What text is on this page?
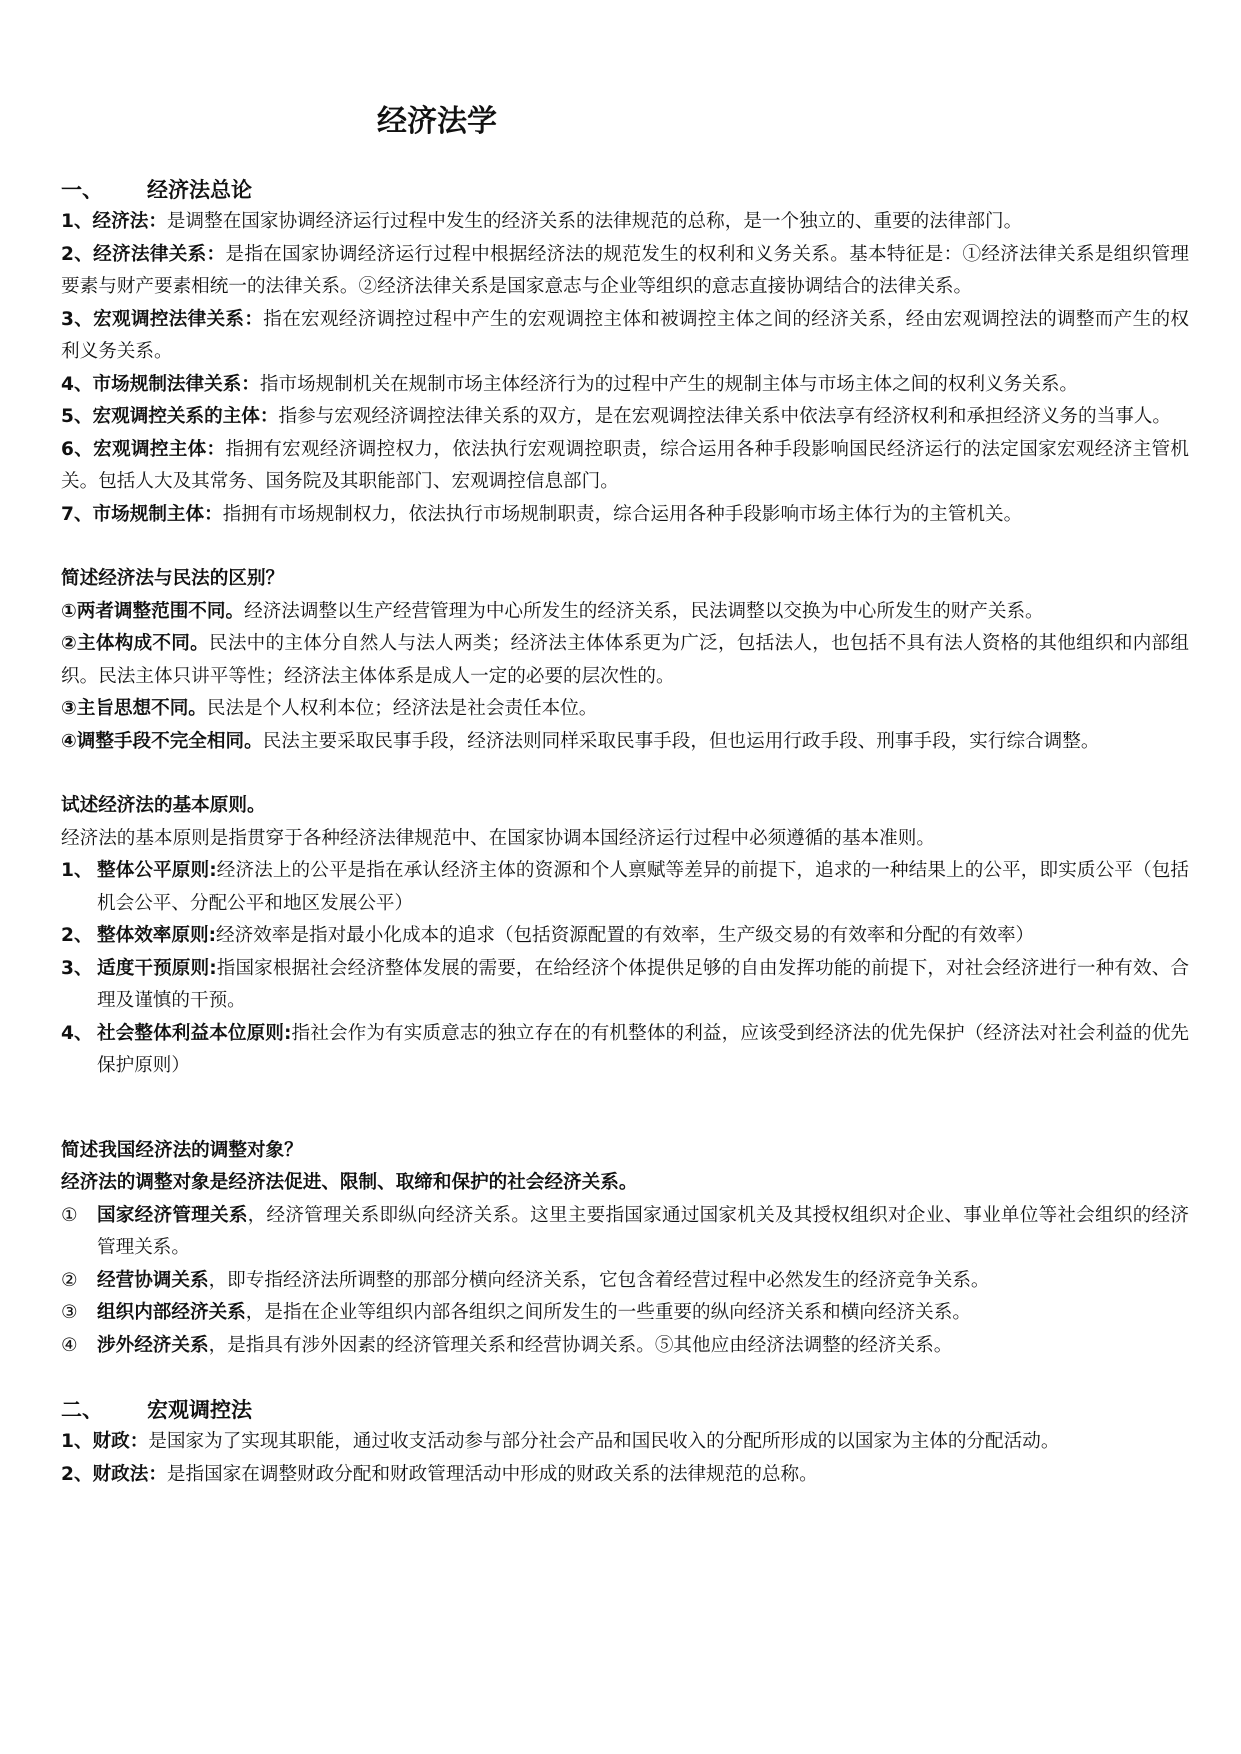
经济法学
一、 经济法总论

1、经济法：是调整在国家协调经济运行过程中发生的经济关系的法律规范的总称，是一个独立的、重要的法律部门。

2、经济法律关系：是指在国家协调经济运行过程中根据经济法的规范发生的权利和义务关系。基本特征是：①经济法律关系是组织管理要素与财产要素相统一的法律关系。②经济法律关系是国家意志与企业等组织的意志直接协调结合的法律关系。

3、宏观调控法律关系：指在宏观经济调控过程中产生的宏观调控主体和被调控主体之间的经济关系，经由宏观调控法的调整而产生的权利义务关系。

4、市场规制法律关系：指市场规制机关在规制市场主体经济行为的过程中产生的规制主体与市场主体之间的权利义务关系。

5、宏观调控关系的主体：指参与宏观经济调控法律关系的双方，是在宏观调控法律关系中依法享有经济权利和承担经济义务的当事人。

6、宏观调控主体：指拥有宏观经济调控权力，依法执行宏观调控职责，综合运用各种手段影响国民经济运行的法定国家宏观经济主管机关。包括人大及其常务、国务院及其职能部门、宏观调控信息部门。

7、市场规制主体：指拥有市场规制权力，依法执行市场规制职责，综合运用各种手段影响市场主体行为的主管机关。

简述经济法与民法的区别？

①两者调整范围不同。经济法调整以生产经营管理为中心所发生的经济关系，民法调整以交换为中心所发生的财产关系。

②主体构成不同。民法中的主体分自然人与法人两类；经济法主体体系更为广泛，包括法人，也包括不具有法人资格的其他组织和内部组织。民法主体只讲平等性；经济法主体体系是成人一定的必要的层次性的。

③主旨思想不同。民法是个人权利本位；经济法是社会责任本位。

④调整手段不完全相同。民法主要采取民事手段，经济法则同样采取民事手段，但也运用行政手段、刑事手段，实行综合调整。

试述经济法的基本原则。

经济法的基本原则是指贯穿于各种经济法律规范中、在国家协调本国经济运行过程中必须遵循的基本准则。

1、 整体公平原则:经济法上的公平是指在承认经济主体的资源和个人禀赋等差异的前提下，追求的一种结果上的公平，即实质公平（包括机会公平、分配公平和地区发展公平）
2、 整体效率原则:经济效率是指对最小化成本的追求（包括资源配置的有效率，生产级交易的有效率和分配的有效率）
3、 适度干预原则:指国家根据社会经济整体发展的需要，在给经济个体提供足够的自由发挥功能的前提下，对社会经济进行一种有效、合理及谨慎的干预。
4、 社会整体利益本位原则:指社会作为有实质意志的独立存在的有机整体的利益，应该受到经济法的优先保护（经济法对社会利益的优先保护原则）
简述我国经济法的调整对象？
经济法的调整对象是经济法促进、限制、取缔和保护的社会经济关系。
①	国家经济管理关系，经济管理关系即纵向经济关系。这里主要指国家通过国家机关及其授权组织对企业、事业单位等社会组织的经济管理关系。
②	经营协调关系，即专指经济法所调整的那部分横向经济关系，它包含着经营过程中必然发生的经济竞争关系。
③	组织内部经济关系，是指在企业等组织内部各组织之间所发生的一些重要的纵向经济关系和横向经济关系。
④	涉外经济关系，是指具有涉外因素的经济管理关系和经营协调关系。⑤其他应由经济法调整的经济关系。
二、 宏观调控法

1、财政：是国家为了实现其职能，通过收支活动参与部分社会产品和国民收入的分配所形成的以国家为主体的分配活动。

2、财政法：是指国家在调整财政分配和财政管理活动中形成的财政关系的法律规范的总称。
